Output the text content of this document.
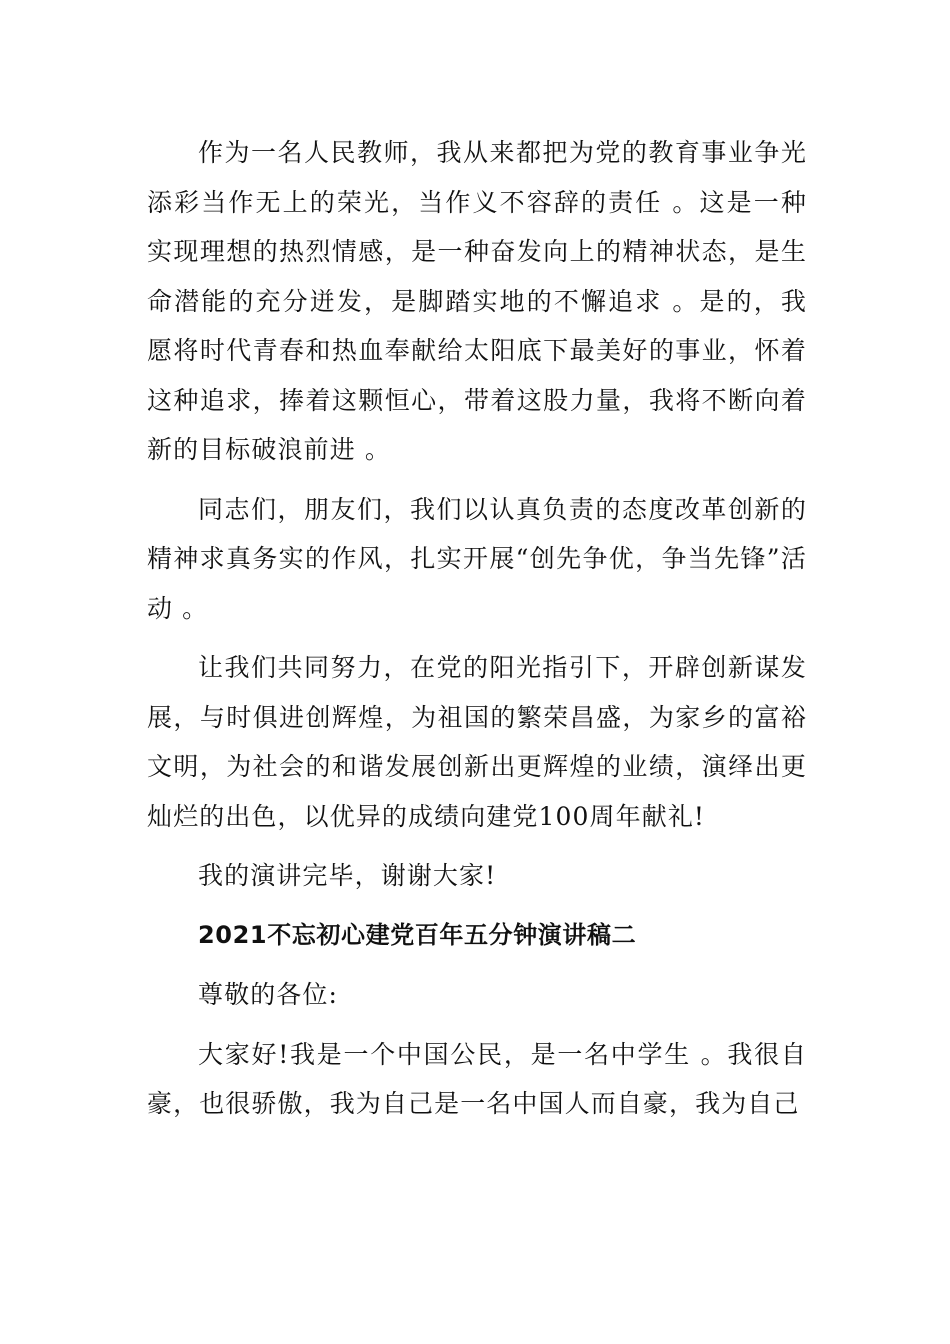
作为一名人民教师，我从来都把为党的教育事业争光添彩当作无上的荣光，当作义不容辞的责任 。这是一种实现理想的热烈情感，是一种奋发向上的精神状态，是生命潜能的充分迸发，是脚踏实地的不懈追求 。是的，我愿将时代青春和热血奉献给太阳底下最美好的事业，怀着这种追求，捧着这颗恒心，带着这股力量，我将不断向着新的目标破浪前进 。

同志们，朋友们，我们以认真负责的态度改革创新的精神求真务实的作风，扎实开展“创先争优，争当先锋”活动 。

让我们共同努力，在党的阳光指引下，开辟创新谋发展，与时俱进创辉煌，为祖国的繁荣昌盛，为家乡的富裕文明，为社会的和谐发展创新出更辉煌的业绩，演绎出更灿烂的出色，以优异的成绩向建党100周年献礼!

我的演讲完毕，谢谢大家!

2021不忘初心建党百年五分钟演讲稿二

尊敬的各位:

大家好!我是一个中国公民，是一名中学生 。我很自豪，也很骄傲，我为自己是一名中国人而自豪，我为自己
